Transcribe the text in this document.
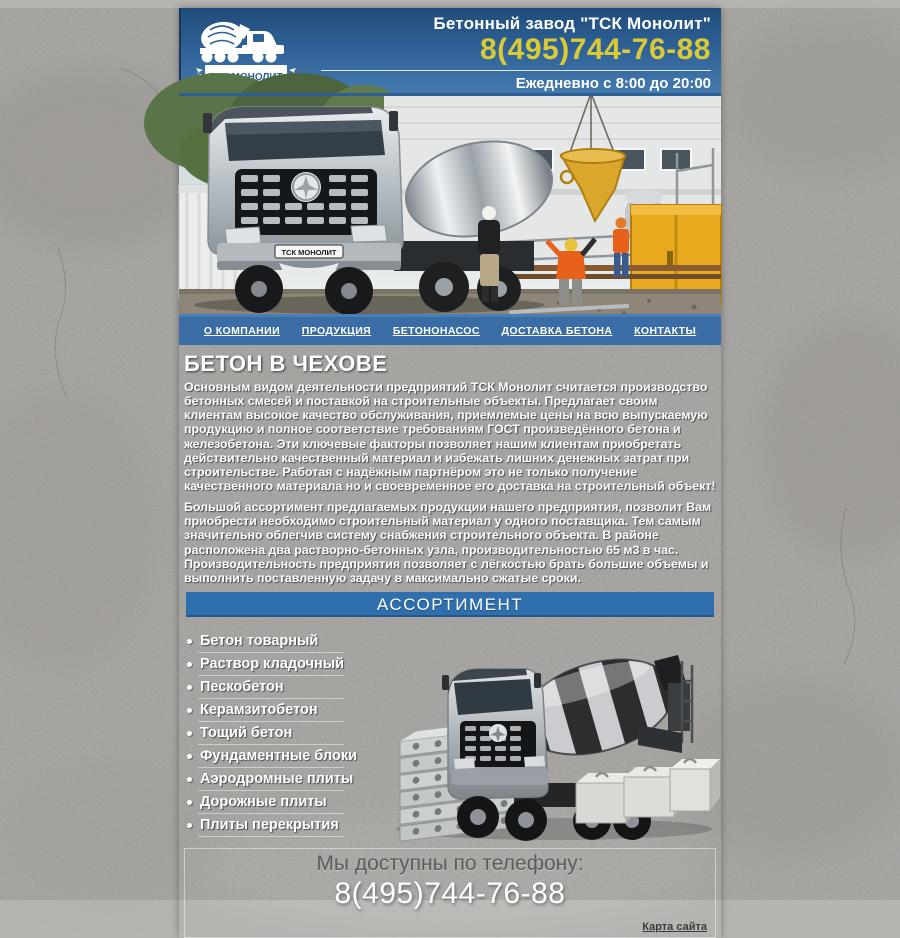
Бетонный завод "ТСК Монолит"
8(495)744-76-88
Ежедневно с 8:00 до 20:00
ТСК МОНОЛИТ
О КОМПАНИИ ПРОДУКЦИЯ БЕТОНОНАСОС ДОСТАВКА БЕТОНА КОНТАКТЫ
БЕТОН В ЧЕХОВЕ

Основным видом деятельности предприятий ТСК Монолит считается производство бетонных смесей и поставкой на строительные объекты. Предлагает своим клиентам высокое качество обслуживания, приемлемые цены на всю выпускаемую продукцию и полное соответствие требованиям ГОСТ произведённого бетона и железобетона. Эти ключевые факторы позволяет нашим клиентам приобретать действительно качественный материал и избежать лишних денежных затрат при строительстве. Работая с надёжным партнёром это не только получение качественного материала но и своевременное его доставка на строительный объект!

Большой ассортимент предлагаемых продукции нашего предприятия, позволит Вам приобрести необходимо строительный материал у одного поставщика. Тем самым значительно облегчив систему снабжения строительного объекта. В районе расположена два растворно-бетонных узла, производительностью 65 м3 в час. Производительность предприятия позволяет с лёгкостью брать большие объемы и выполнить поставленную задачу в максимально сжатые сроки.

АССОРТИМЕНТ
Бетон товарный
Раствор кладочный
Пескобетон
Керамзитобетон
Тощий бетон
Фундаментные блоки
Аэродромные плиты
Дорожные плиты
Плиты перекрытия
Мы доступны по телефону:
8(495)744-76-88
Карта сайта
